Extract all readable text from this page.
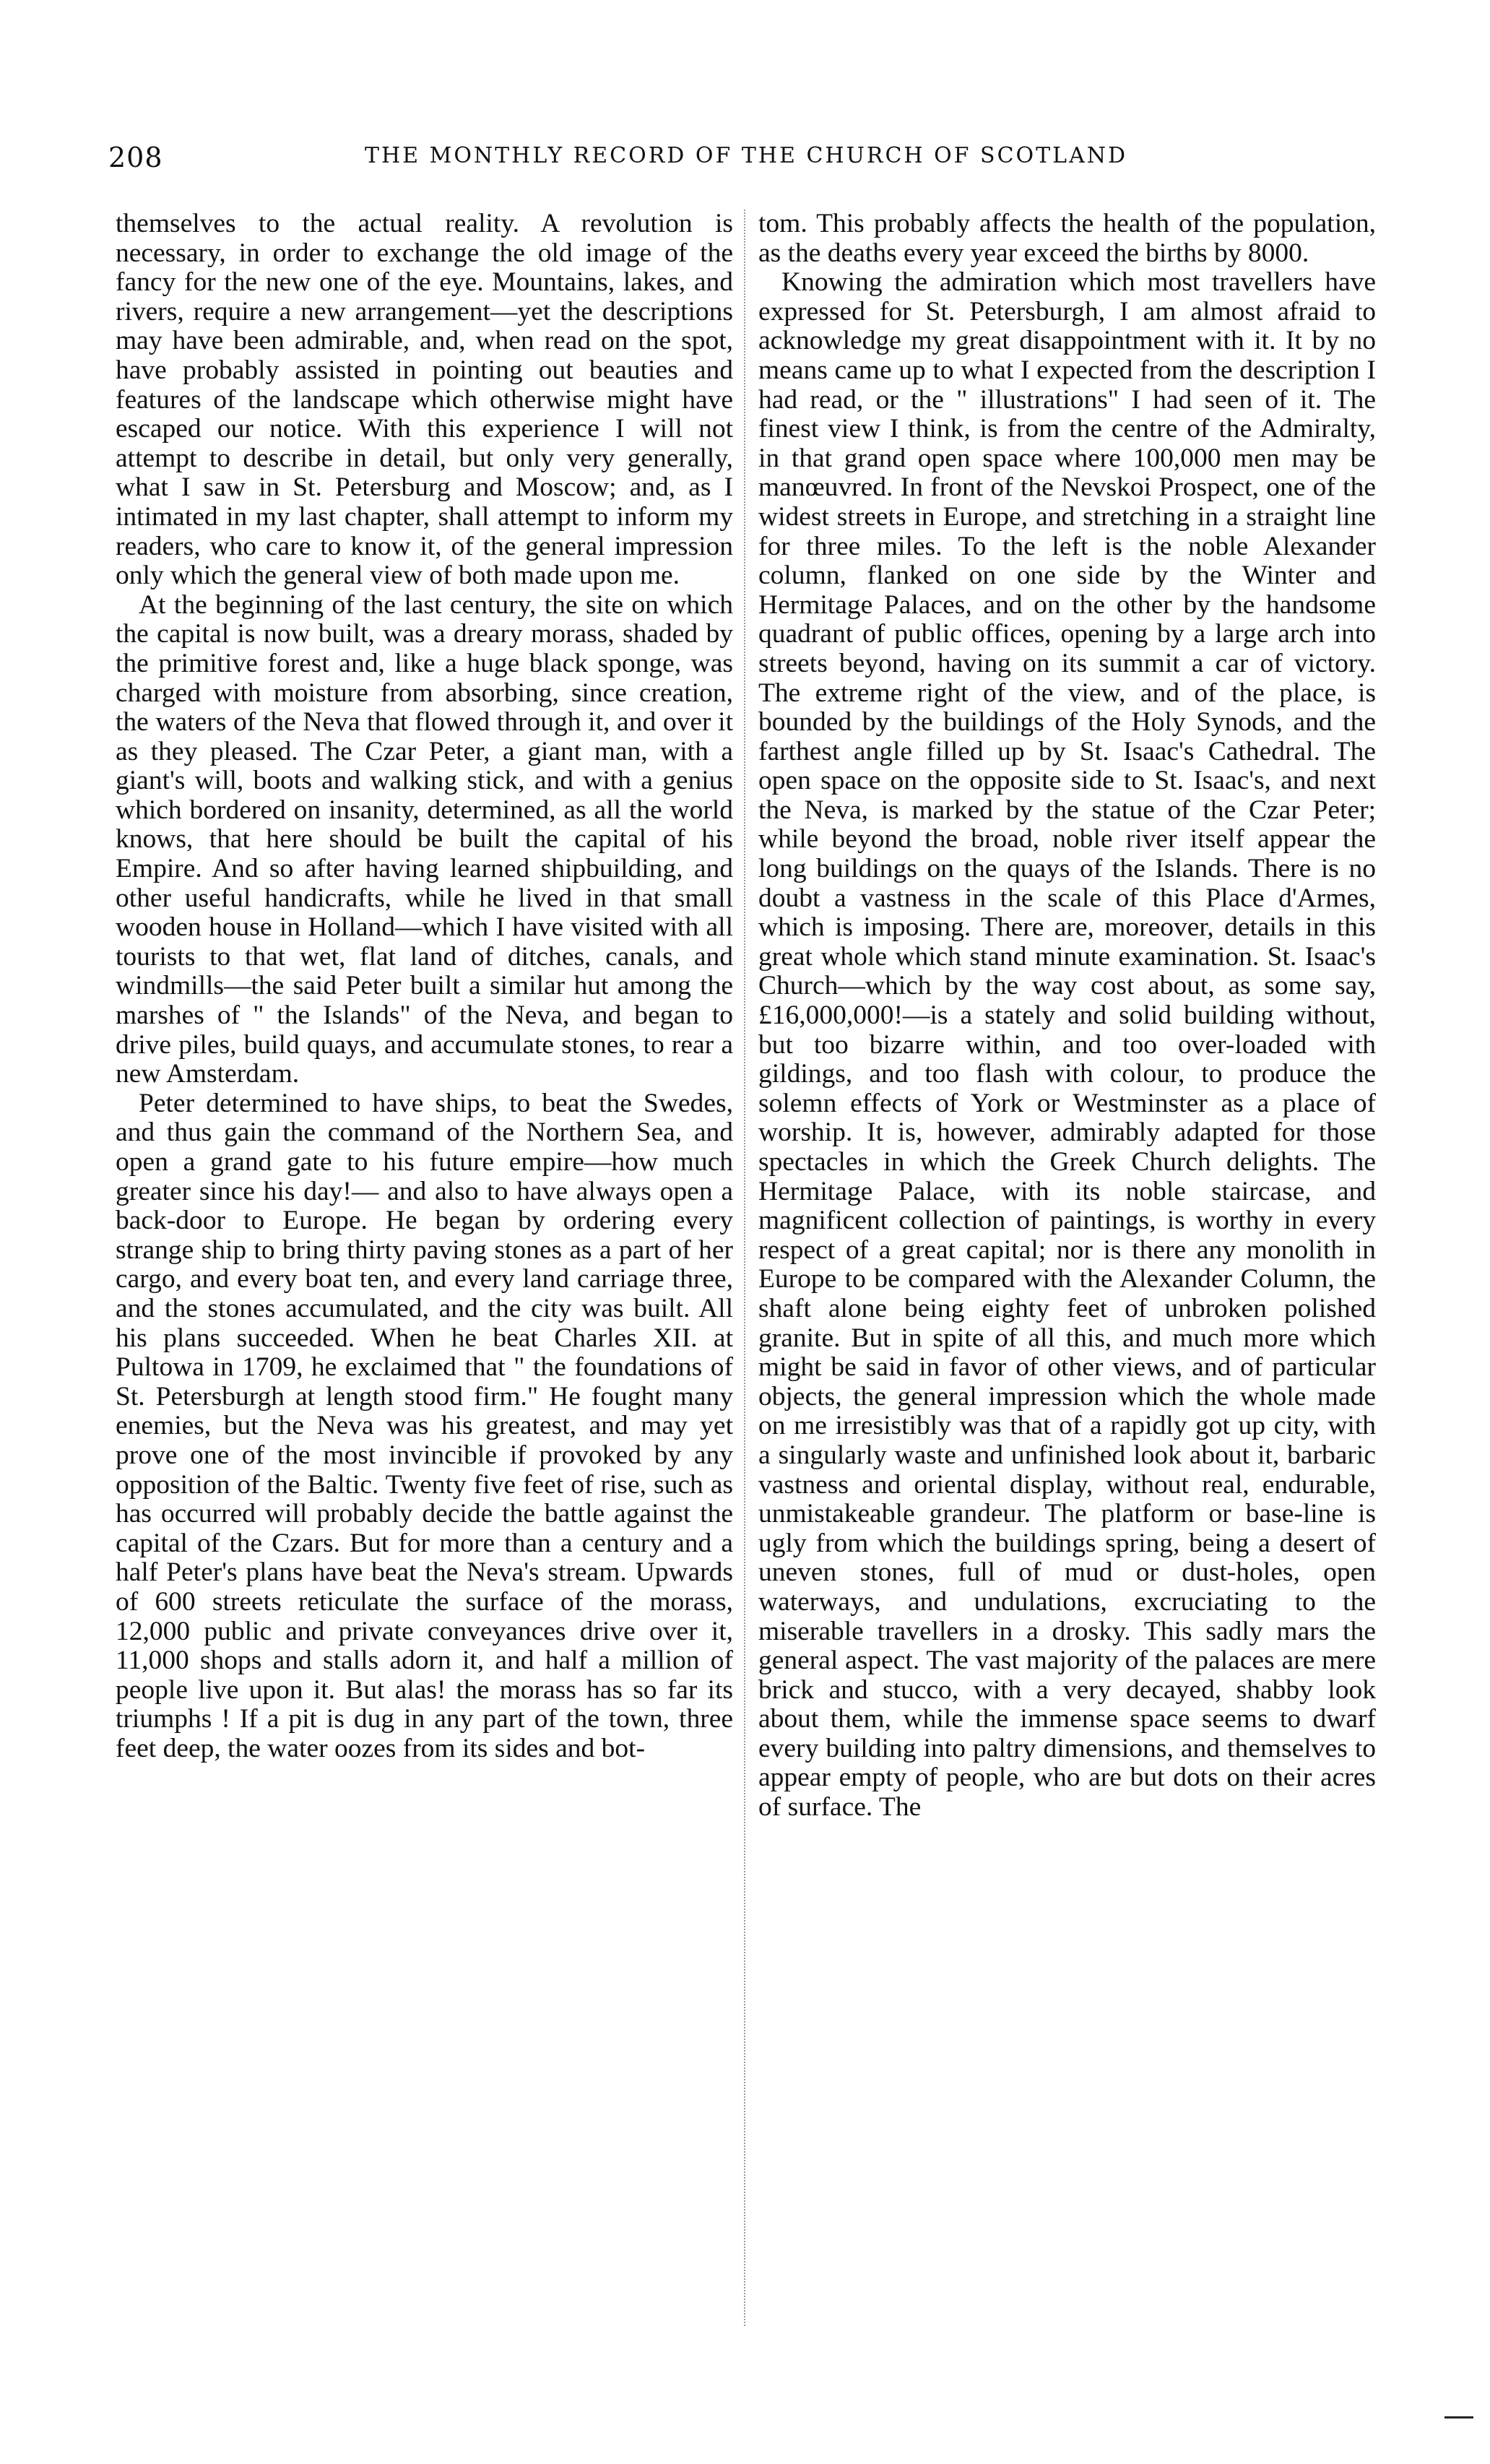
208	THE MONTHLY RECORD OF THE CHURCH OF SCOTLAND

themselves to the actual reality. A revolution is necessary, in order to exchange the old image of the fancy for the new one of the eye. Mountains, lakes, and rivers, require a new arrangement—yet the descriptions may have been admirable, and, when read on the spot, have probably assisted in pointing out beauties and features of the landscape which otherwise might have escaped our notice. With this experience I will not attempt to describe in detail, but only very generally, what I saw in St. Petersburg and Moscow; and, as I intimated in my last chapter, shall attempt to inform my readers, who care to know it, of the general impression only which the general view of both made upon me.

At the beginning of the last century, the site on which the capital is now built, was a dreary morass, shaded by the primitive forest and, like a huge black sponge, was charged with moisture from absorbing, since creation, the waters of the Neva that flowed through it, and over it as they pleased. The Czar Peter, a giant man, with a giant's will, boots and walking stick, and with a genius which bordered on insanity, determined, as all the world knows, that here should be built the capital of his Empire. And so after having learned shipbuilding, and other useful handicrafts, while he lived in that small wooden house in Holland—which I have visited with all tourists to that wet, flat land of ditches, canals, and windmills—the said Peter built a similar hut among the marshes of " the Islands" of the Neva, and began to drive piles, build quays, and accumulate stones, to rear a new Amsterdam.

Peter determined to have ships, to beat the Swedes, and thus gain the command of the Northern Sea, and open a grand gate to his future empire—how much greater since his day!— and also to have always open a back-door to Europe. He began by ordering every strange ship to bring thirty paving stones as a part of her cargo, and every boat ten, and every land carriage three, and the stones accumulated, and the city was built. All his plans succeeded. When he beat Charles XII. at Pultowa in 1709, he exclaimed that " the foundations of St. Petersburgh at length stood firm." He fought many enemies, but the Neva was his greatest, and may yet prove one of the most invincible if provoked by any opposition of the Baltic. Twenty five feet of rise, such as has occurred will probably decide the battle against the capital of the Czars. But for more than a century and a half Peter's plans have beat the Neva's stream. Upwards of 600 streets reticulate the surface of the morass, 12,000 public and private conveyances drive over it, 11,000 shops and stalls adorn it, and half a million of people live upon it. But alas! the morass has so far its triumphs ! If a pit is dug in any part of the town, three feet deep, the water oozes from its sides and bot-

tom. This probably affects the health of the population, as the deaths every year exceed the births by 8000.

Knowing the admiration which most travellers have expressed for St. Petersburgh, I am almost afraid to acknowledge my great disappointment with it. It by no means came up to what I expected from the description I had read, or the " illustrations" I had seen of it. The finest view I think, is from the centre of the Admiralty, in that grand open space where 100,000 men may be manœuvred. In front of the Nevskoi Prospect, one of the widest streets in Europe, and stretching in a straight line for three miles. To the left is the noble Alexander column, flanked on one side by the Winter and Hermitage Palaces, and on the other by the handsome quadrant of public offices, opening by a large arch into streets beyond, having on its summit a car of victory. The extreme right of the view, and of the place, is bounded by the buildings of the Holy Synods, and the farthest angle filled up by St. Isaac's Cathedral. The open space on the opposite side to St. Isaac's, and next the Neva, is marked by the statue of the Czar Peter; while beyond the broad, noble river itself appear the long buildings on the quays of the Islands. There is no doubt a vastness in the scale of this Place d'Armes, which is imposing. There are, moreover, details in this great whole which stand minute examination. St. Isaac's Church—which by the way cost about, as some say, £16,000,000!—is a stately and solid building without, but too bizarre within, and too over-loaded with gildings, and too flash with colour, to produce the solemn effects of York or Westminster as a place of worship. It is, however, admirably adapted for those spectacles in which the Greek Church delights. The Hermitage Palace, with its noble staircase, and magnificent collection of paintings, is worthy in every respect of a great capital; nor is there any monolith in Europe to be compared with the Alexander Column, the shaft alone being eighty feet of unbroken polished granite. But in spite of all this, and much more which might be said in favor of other views, and of particular objects, the general impression which the whole made on me irresistibly was that of a rapidly got up city, with a singularly waste and unfinished look about it, barbaric vastness and oriental display, without real, endurable, unmistakeable grandeur. The platform or base-line is ugly from which the buildings spring, being a desert of uneven stones, full of mud or dust-holes, open waterways, and undulations, excruciating to the miserable travellers in a drosky. This sadly mars the general aspect. The vast majority of the palaces are mere brick and stucco, with a very decayed, shabby look about them, while the immense space seems to dwarf every building into paltry dimensions, and themselves to appear empty of people, who are but dots on their acres of surface. The
